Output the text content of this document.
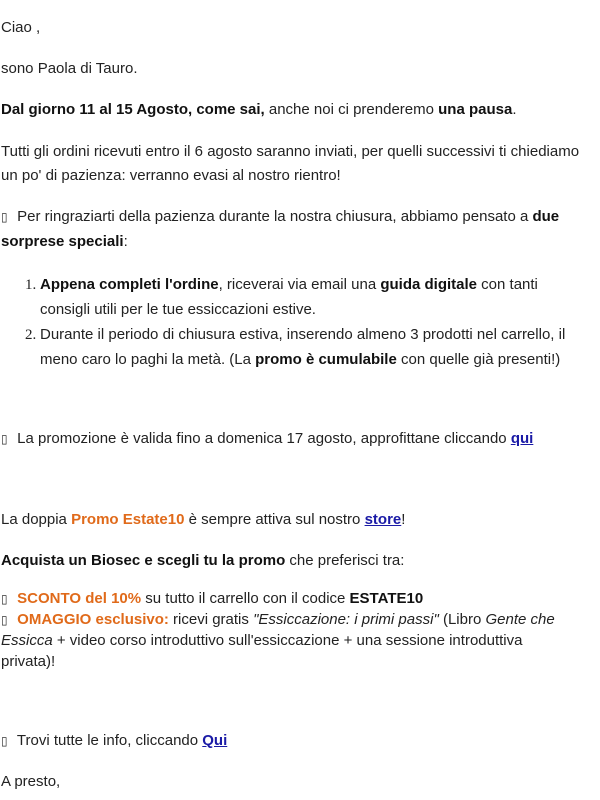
Ciao ,
sono Paola di Tauro.
Dal giorno 11 al 15 Agosto, come sai, anche noi ci prenderemo una pausa.
Tutti gli ordini ricevuti entro il 6 agosto saranno inviati, per quelli successivi ti chiediamo
un po' di pazienza: verranno evasi al nostro rientro!
▯ Per ringraziarti della pazienza durante la nostra chiusura, abbiamo pensato a due
sorprese speciali:
1. Appena completi l'ordine, riceverai via email una guida digitale con tanti
consigli utili per le tue essiccazioni estive.
2. Durante il periodo di chiusura estiva, inserendo almeno 3 prodotti nel carrello, il
meno caro lo paghi la metà. (La promo è cumulabile con quelle già presenti!)
▯ La promozione è valida fino a domenica 17 agosto, approfittane cliccando qui
La doppia Promo Estate10 è sempre attiva sul nostro store!
Acquista un Biosec e scegli tu la promo che preferisci tra:
▯ SCONTO del 10% su tutto il carrello con il codice ESTATE10
▯ OMAGGIO esclusivo: ricevi gratis "Essiccazione: i primi passi" (Libro Gente che
Essicca + video corso introduttivo sull'essiccazione + una sessione introduttiva
privata)!
▯ Trovi tutte le info, cliccando Qui
A presto,
